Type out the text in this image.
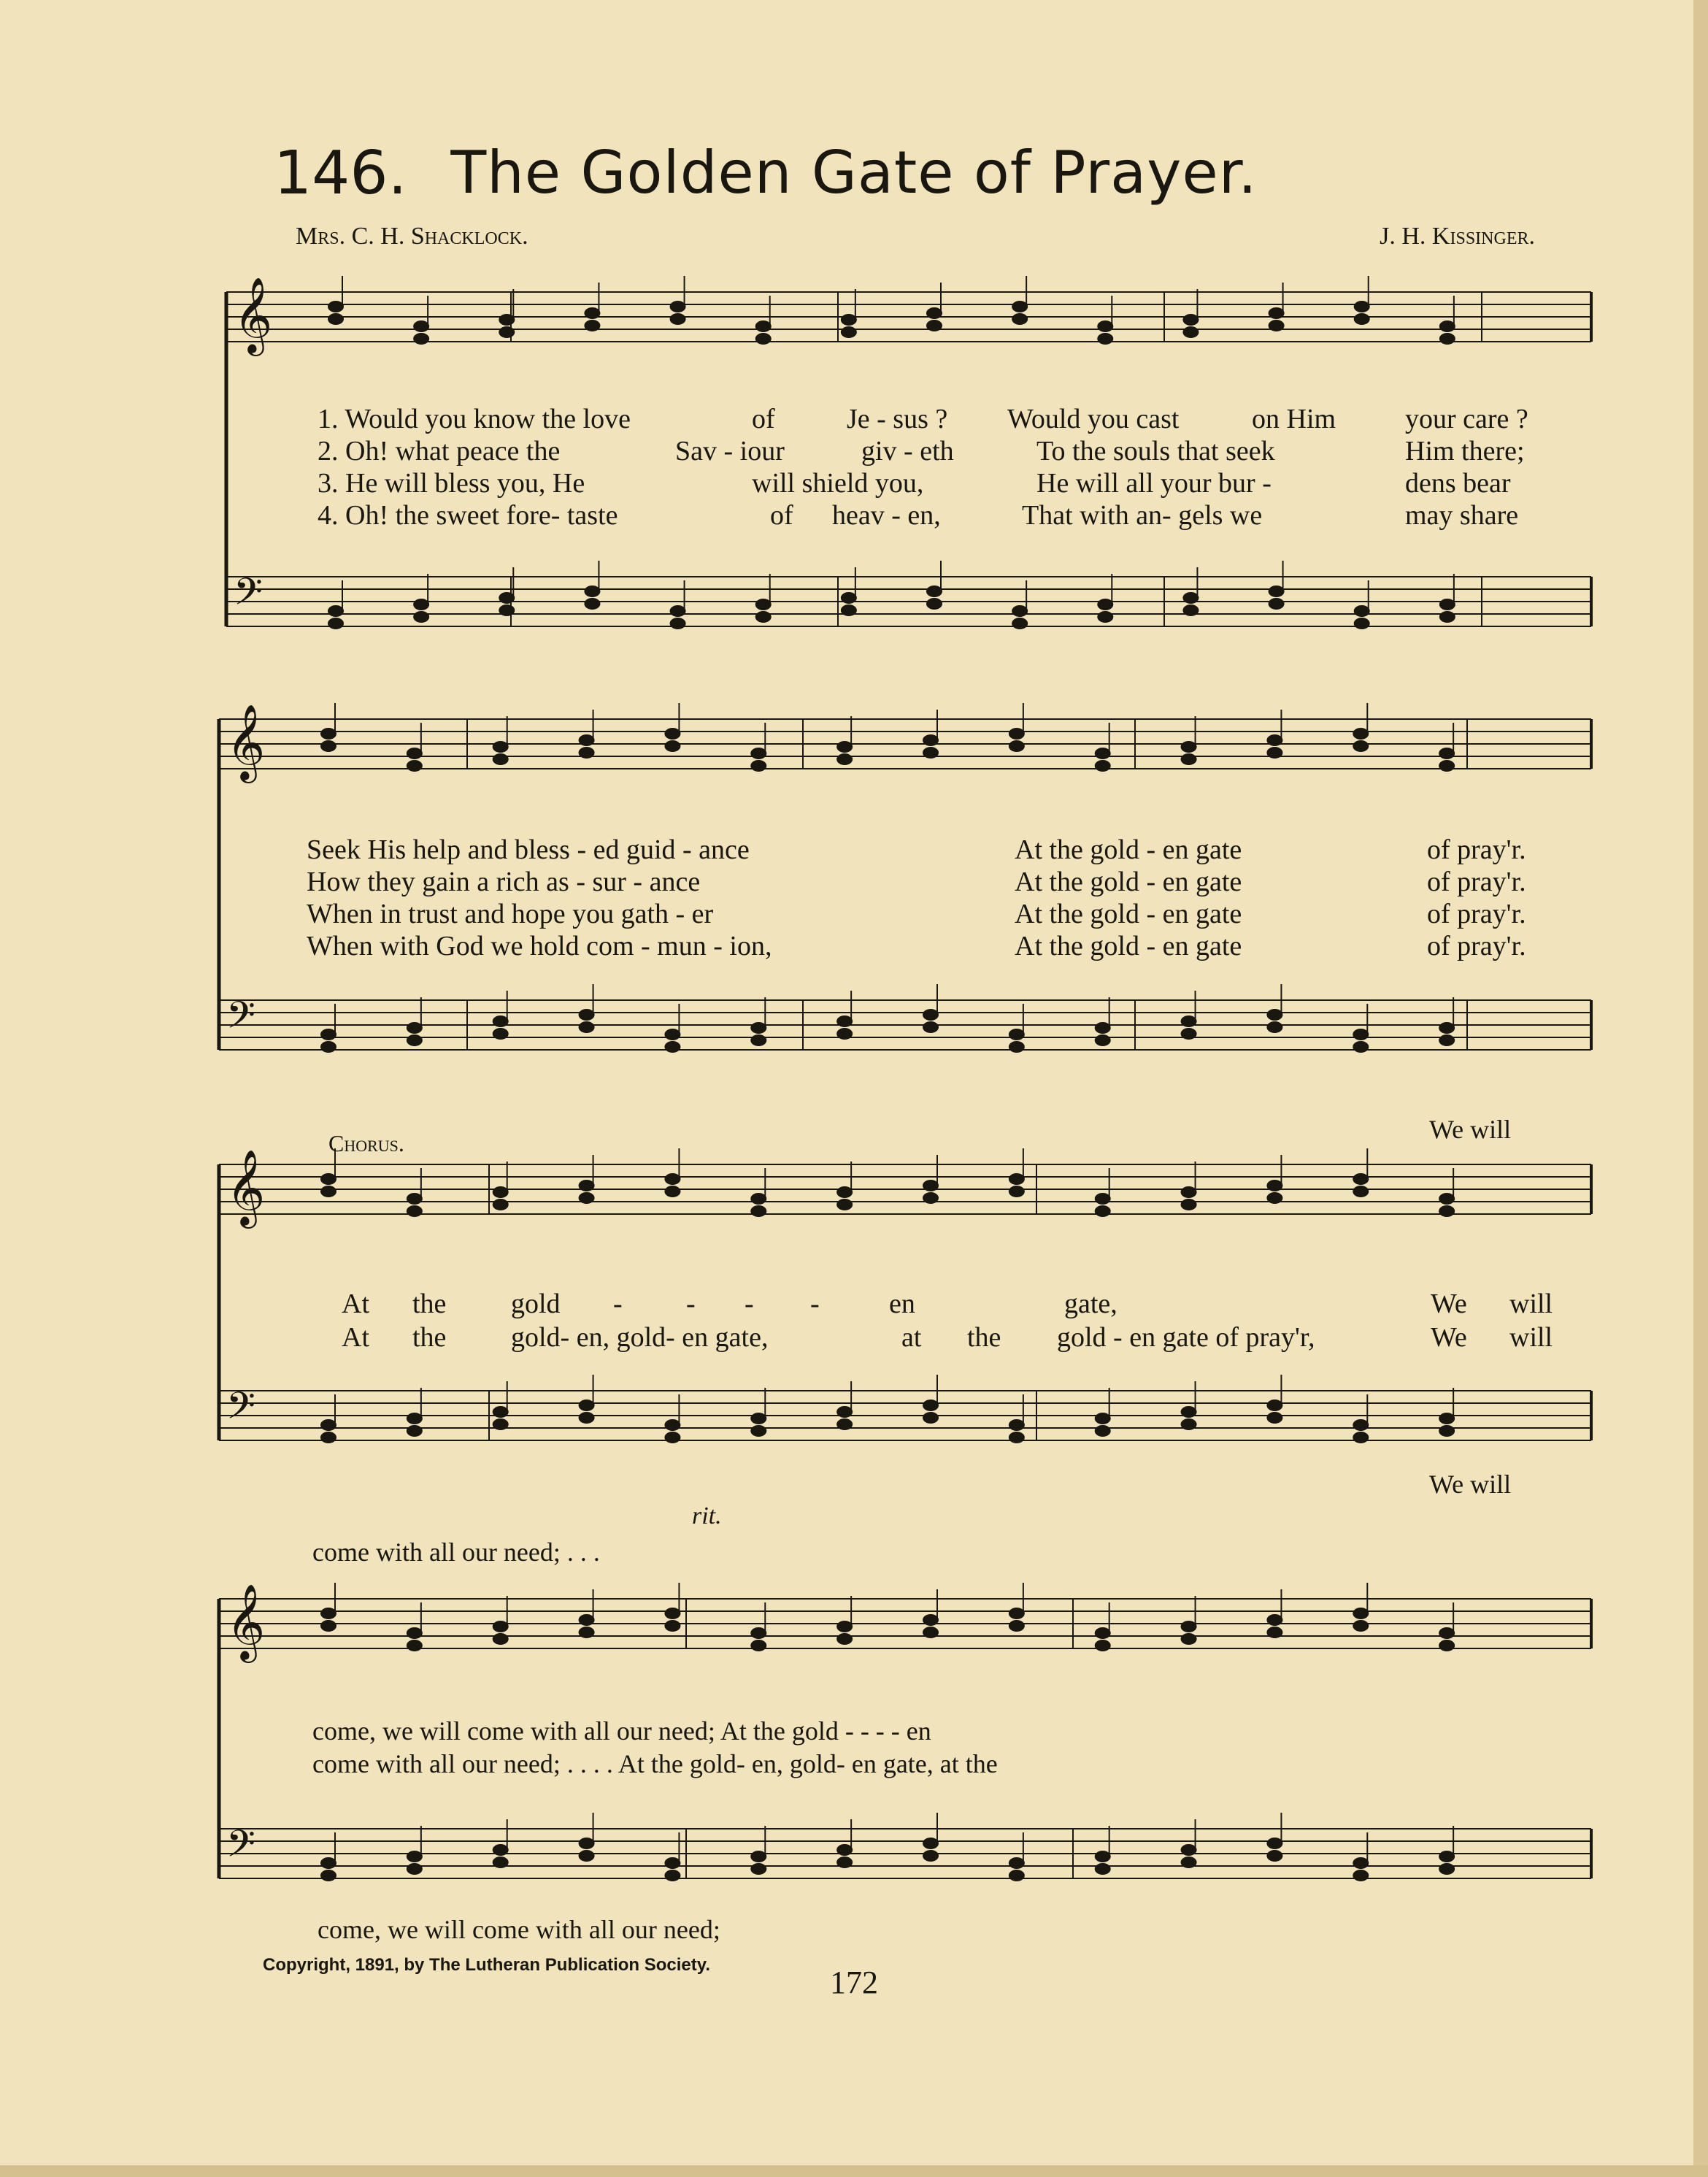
146. The Golden Gate of Prayer.
Mrs. C. H. Shacklock.	J. H. Kissinger.
𝄞
𝄢
𝄞
𝄢
𝄞
𝄢
𝄞
𝄢
1. Would you know the love	of	Je - sus ? Would you cast	on Him your care ?
2. Oh! what peace the	Sav - iour	giv - eth	To the souls that seek	Him there;
3. He will bless you, He	will shield you,	He will all your bur -	dens bear
4. Oh! the sweet fore- taste	of heav - en,	That with an- gels we	may share
Seek His help and bless - ed guid - ance	At the gold - en gate	of pray'r.
How they gain a rich as - sur - ance	At the gold - en gate	of pray'r.
When in trust and hope you gath - er	At the gold - en gate	of pray'r.
When with God we hold com - mun - ion,	At the gold - en gate	of pray'r.
Chorus.	We will
At the gold - - - -	en	gate,	We will
At the gold- en, gold- en gate,	at the gold - en gate of pray'r,	We will
We will
rit.
come with all our need; . . .
come, we will come with all our need; At the gold - - - - en
come with all our need; . . . . At the gold- en, gold- en gate, at the
come, we will come with all our need;
Copyright, 1891, by The Lutheran Publication Society.	172
